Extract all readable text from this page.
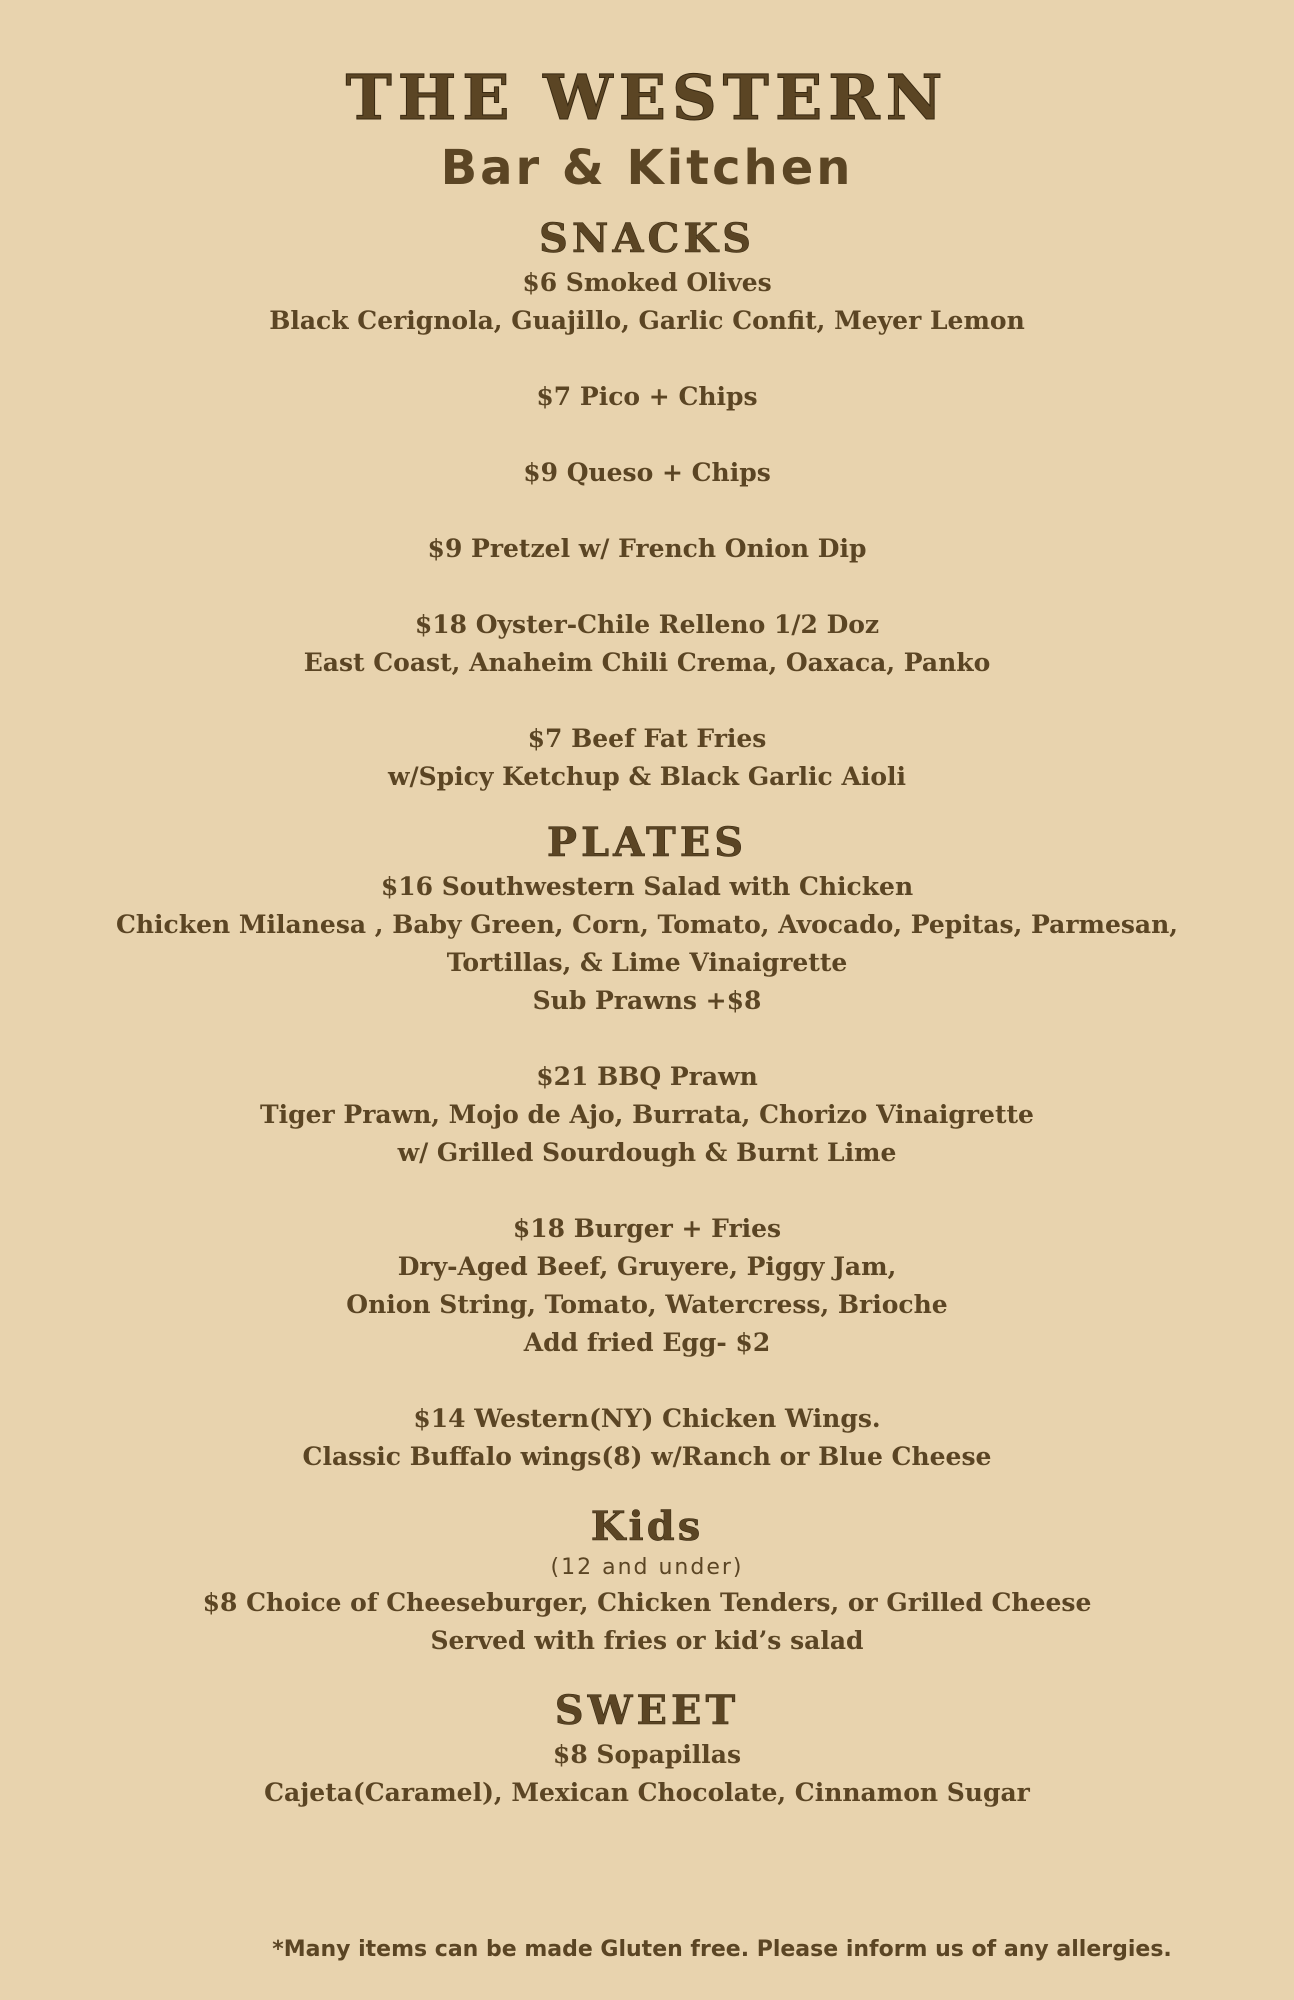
THE WESTERN
Bar & Kitchen
SNACKS

$6 Smoked Olives

Black Cerignola, Guajillo, Garlic Confit, Meyer Lemon

$7 Pico + Chips

$9 Queso + Chips

$9 Pretzel w/ French Onion Dip

$18 Oyster-Chile Relleno 1/2 Doz

East Coast, Anaheim Chili Crema, Oaxaca, Panko

$7 Beef Fat Fries

w/Spicy Ketchup & Black Garlic Aioli

PLATES

$16 Southwestern Salad with Chicken

Chicken Milanesa , Baby Green, Corn, Tomato, Avocado, Pepitas, Parmesan,

Tortillas, & Lime Vinaigrette

Sub Prawns +$8

$21 BBQ Prawn

Tiger Prawn, Mojo de Ajo, Burrata, Chorizo Vinaigrette

w/ Grilled Sourdough & Burnt Lime

$18 Burger + Fries

Dry-Aged Beef, Gruyere, Piggy Jam,

Onion String, Tomato, Watercress, Brioche

Add fried Egg- $2

$14 Western(NY) Chicken Wings.

Classic Buffalo wings(8) w/Ranch or Blue Cheese

Kids

(12 and under)

$8 Choice of Cheeseburger, Chicken Tenders, or Grilled Cheese

Served with fries or kid’s salad

SWEET

$8 Sopapillas

Cajeta(Caramel), Mexican Chocolate, Cinnamon Sugar

*Many items can be made Gluten free. Please inform us of any allergies.
